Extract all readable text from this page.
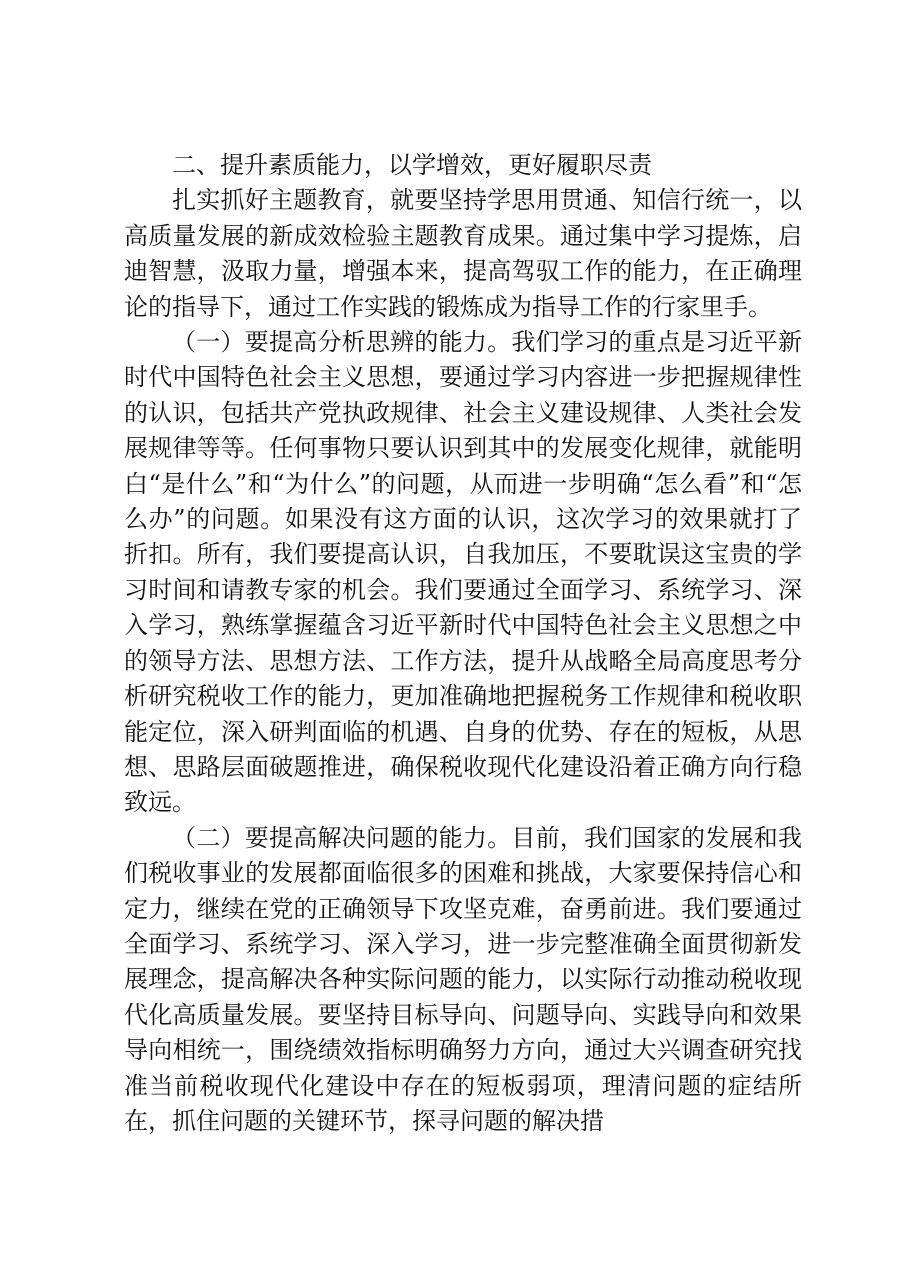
二、提升素质能力，以学增效，更好履职尽责

扎实抓好主题教育，就要坚持学思用贯通、知信行统一，以高质量发展的新成效检验主题教育成果。通过集中学习提炼，启迪智慧，汲取力量，增强本来，提高驾驭工作的能力，在正确理论的指导下，通过工作实践的锻炼成为指导工作的行家里手。

（一）要提高分析思辨的能力。我们学习的重点是习近平新时代中国特色社会主义思想，要通过学习内容进一步把握规律性的认识，包括共产党执政规律、社会主义建设规律、人类社会发展规律等等。任何事物只要认识到其中的发展变化规律，就能明白“是什么”和“为什么”的问题，从而进一步明确“怎么看”和“怎么办”的问题。如果没有这方面的认识，这次学习的效果就打了折扣。所有，我们要提高认识，自我加压，不要耽误这宝贵的学习时间和请教专家的机会。我们要通过全面学习、系统学习、深入学习，熟练掌握蕴含习近平新时代中国特色社会主义思想之中的领导方法、思想方法、工作方法，提升从战略全局高度思考分析研究税收工作的能力，更加准确地把握税务工作规律和税收职能定位，深入研判面临的机遇、自身的优势、存在的短板，从思想、思路层面破题推进，确保税收现代化建设沿着正确方向行稳致远。

（二）要提高解决问题的能力。目前，我们国家的发展和我们税收事业的发展都面临很多的困难和挑战，大家要保持信心和定力，继续在党的正确领导下攻坚克难，奋勇前进。我们要通过全面学习、系统学习、深入学习，进一步完整准确全面贯彻新发展理念，提高解决各种实际问题的能力，以实际行动推动税收现代化高质量发展。要坚持目标导向、问题导向、实践导向和效果导向相统一，围绕绩效指标明确努力方向，通过大兴调查研究找准当前税收现代化建设中存在的短板弱项，理清问题的症结所在，抓住问题的关键环节，探寻问题的解决措
